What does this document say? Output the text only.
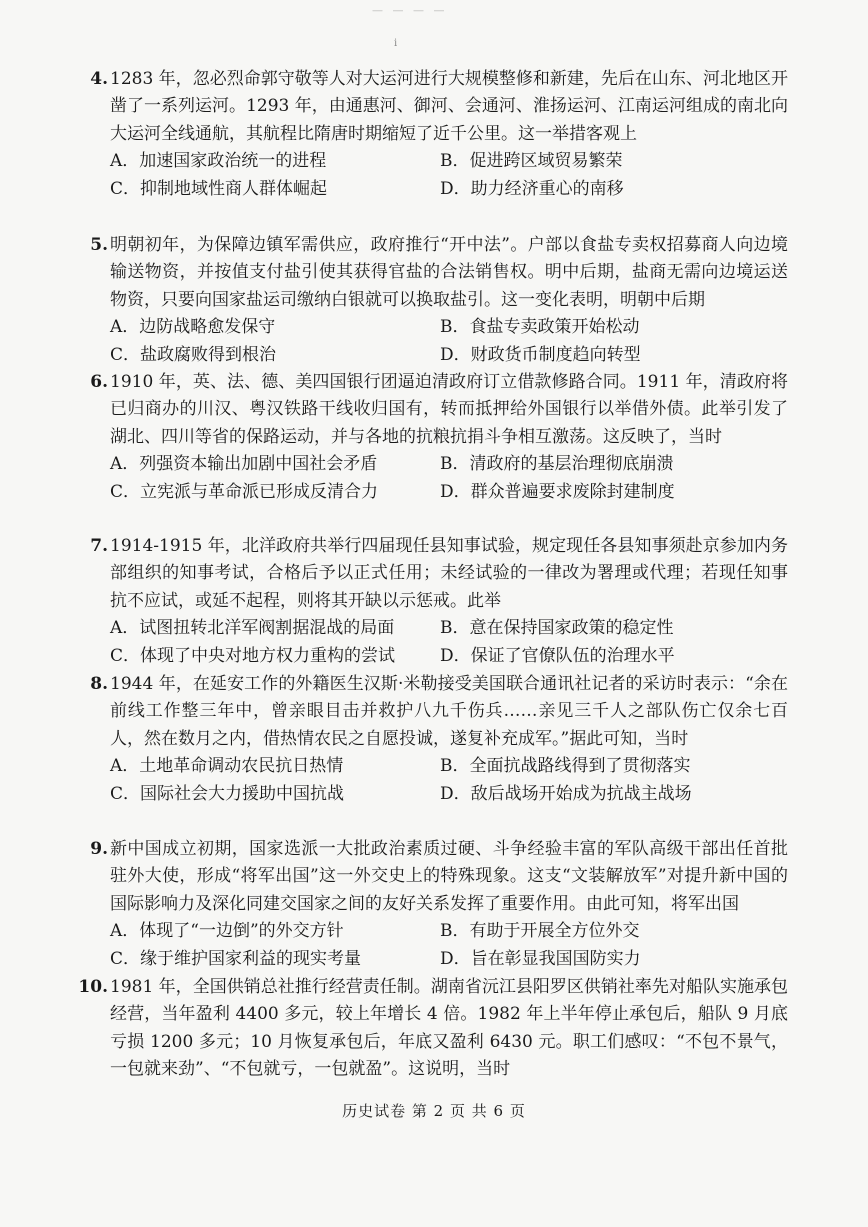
— — — —
i
4. 1283 年，忽必烈命郭守敬等人对大运河进行大规模整修和新建，先后在山东、河北地区开凿了一系列运河。1293 年，由通惠河、御河、会通河、淮扬运河、江南运河组成的南北向大运河全线通航，其航程比隋唐时期缩短了近千公里。这一举措客观上
A．加速国家政治统一的进程	B．促进跨区域贸易繁荣
C．抑制地域性商人群体崛起	D．助力经济重心的南移
5. 明朝初年，为保障边镇军需供应，政府推行“开中法”。户部以食盐专卖权招募商人向边境输送物资，并按值支付盐引使其获得官盐的合法销售权。明中后期，盐商无需向边境运送物资，只要向国家盐运司缴纳白银就可以换取盐引。这一变化表明，明朝中后期
A．边防战略愈发保守	B．食盐专卖政策开始松动
C．盐政腐败得到根治	D．财政货币制度趋向转型
6. 1910 年，英、法、德、美四国银行团逼迫清政府订立借款修路合同。1911 年，清政府将已归商办的川汉、粤汉铁路干线收归国有，转而抵押给外国银行以举借外债。此举引发了湖北、四川等省的保路运动，并与各地的抗粮抗捐斗争相互激荡。这反映了，当时
A．列强资本输出加剧中国社会矛盾	B．清政府的基层治理彻底崩溃
C．立宪派与革命派已形成反清合力	D．群众普遍要求废除封建制度
7. 1914-1915 年，北洋政府共举行四届现任县知事试验，规定现任各县知事须赴京参加内务部组织的知事考试，合格后予以正式任用；未经试验的一律改为署理或代理；若现任知事抗不应试，或延不起程，则将其开缺以示惩戒。此举
A．试图扭转北洋军阀割据混战的局面	B．意在保持国家政策的稳定性
C．体现了中央对地方权力重构的尝试	D．保证了官僚队伍的治理水平
8. 1944 年，在延安工作的外籍医生汉斯·米勒接受美国联合通讯社记者的采访时表示：“余在前线工作整三年中，曾亲眼目击并救护八九千伤兵……亲见三千人之部队伤亡仅余七百人，然在数月之内，借热情农民之自愿投诚，遂复补充成军。”据此可知，当时
A．土地革命调动农民抗日热情	B．全面抗战路线得到了贯彻落实
C．国际社会大力援助中国抗战	D．敌后战场开始成为抗战主战场
9. 新中国成立初期，国家选派一大批政治素质过硬、斗争经验丰富的军队高级干部出任首批驻外大使，形成“将军出国”这一外交史上的特殊现象。这支“文装解放军”对提升新中国的国际影响力及深化同建交国家之间的友好关系发挥了重要作用。由此可知，将军出国
A．体现了“一边倒”的外交方针	B．有助于开展全方位外交
C．缘于维护国家利益的现实考量	D．旨在彰显我国国防实力
10. 1981 年，全国供销总社推行经营责任制。湖南省沅江县阳罗区供销社率先对船队实施承包经营，当年盈利 4400 多元，较上年增长 4 倍。1982 年上半年停止承包后，船队 9 月底亏损 1200 多元；10 月恢复承包后，年底又盈利 6430 元。职工们感叹：“不包不景气，一包就来劲”、“不包就亏，一包就盈”。这说明，当时
历史试卷 第 2 页 共 6 页
